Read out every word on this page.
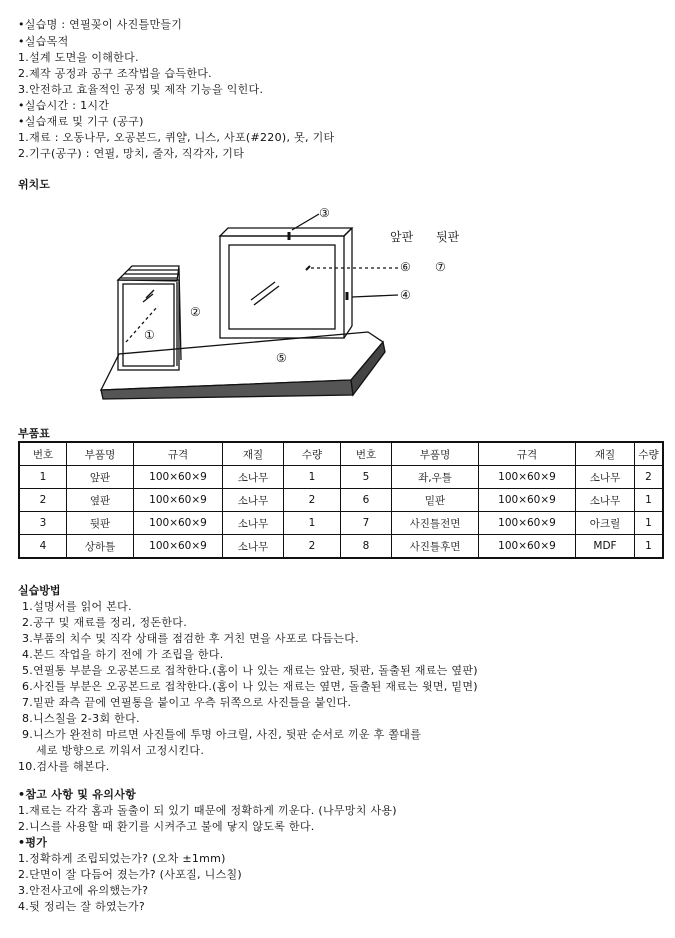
•실습명 : 연필꽂이 사진틀만들기
•실습목적
1.설계 도면을 이해한다.
2.제작 공정과 공구 조작법을 습득한다.
3.안전하고 효율적인 공정 및 제작 기능을 익힌다.
•실습시간 : 1시간
•실습재료 및 기구 (공구)
1.재료 : 오동나무, 오공본드, 퀴얄, 니스, 사포(#220), 못, 기타
2.기구(공구) : 연필, 망치, 줄자, 직각자, 기타
위치도
③
앞판 뒷판
⑥ ⑦
④
②
①
⑤
부품표
번호	부품명	규격	재질	수량	번호	부품명	규격	재질	수량
1	앞판	100×60×9	소나무	1	5	좌,우틀	100×60×9	소나무	2
2	옆판	100×60×9	소나무	2	6	밑판	100×60×9	소나무	1
3	뒷판	100×60×9	소나무	1	7	사진틀전면	100×60×9	아크릴	1
4	상하틀	100×60×9	소나무	2	8	사진틀후면	100×60×9	MDF	1
실습방법
1.설명서를 읽어 본다.
2.공구 및 재료를 정리, 정돈한다.
3.부품의 치수 및 직각 상태를 점검한 후 거친 면을 사포로 다듬는다.
4.본드 작업을 하기 전에 가 조립을 한다.
5.연필통 부분을 오공본드로 접착한다.(홈이 나 있는 재료는 앞판, 뒷판, 돌출된 재료는 옆판)
6.사진틀 부분은 오공본드로 접착한다.(홈이 나 있는 재료는 옆면, 돌출된 재료는 윗면, 밑면)
7.밑판 좌측 끝에 연필통을 붙이고 우측 뒤쪽으로 사진틀을 붙인다.
8.니스칠을 2-3회 한다.
9.니스가 완전히 마르면 사진틀에 투명 아크릴, 사진, 뒷판 순서로 끼운 후 쫄대를
세로 방향으로 끼워서 고정시킨다.
10.검사를 해본다.
•참고 사항 및 유의사항
1.재료는 각각 홈과 돌출이 되 있기 때문에 정확하게 끼운다. (나무망치 사용)
2.니스를 사용할 때 환기를 시켜주고 불에 닿지 않도록 한다.
•평가
1.정확하게 조립되었는가? (오차 ±1mm)
2.단면이 잘 다듬어 졌는가? (사포질, 니스칠)
3.안전사고에 유의했는가?
4.뒷 정리는 잘 하였는가?
